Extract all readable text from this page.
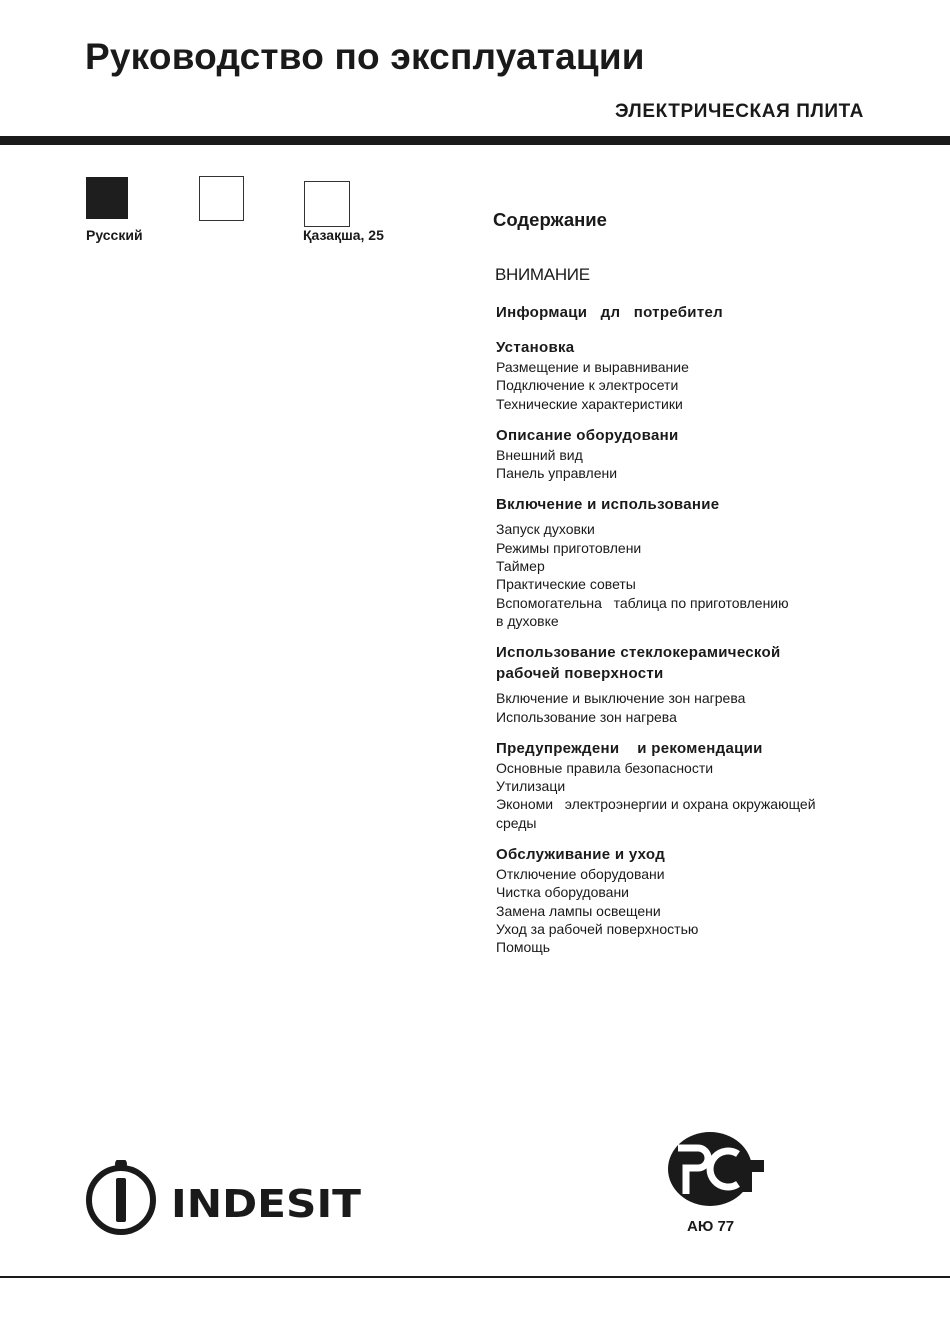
Руководство по эксплуатации
ЭЛЕКТРИЧЕСКАЯ ПЛИТА
Русский	Қазақша, 25
Содержание
ВНИМАНИЕ
Информаци   дл   потребител
Установка
Размещение и выравнивание
Подключение к электросети
Технические характеристики
Описание оборудовани
Внешний вид
Панель управлени
Включение и использование
Запуск духовки
Режимы приготовлени
Таймер
Практические советы
Вспомогательна   таблица по приготовлению
в духовке
Использование стеклокерамической
рабочей поверхности
Включение и выключение зон нагрева
Использование зон нагрева
Предупреждени    и рекомендации
Основные правила безопасности
Утилизаци
Экономи   электроэнергии и охрана окружающей
среды
Обслуживание и уход
Отключение оборудовани
Чистка оборудовани
Замена лампы освещени
Уход за рабочей поверхностью
Помощь
INDESIT
АЮ 77
